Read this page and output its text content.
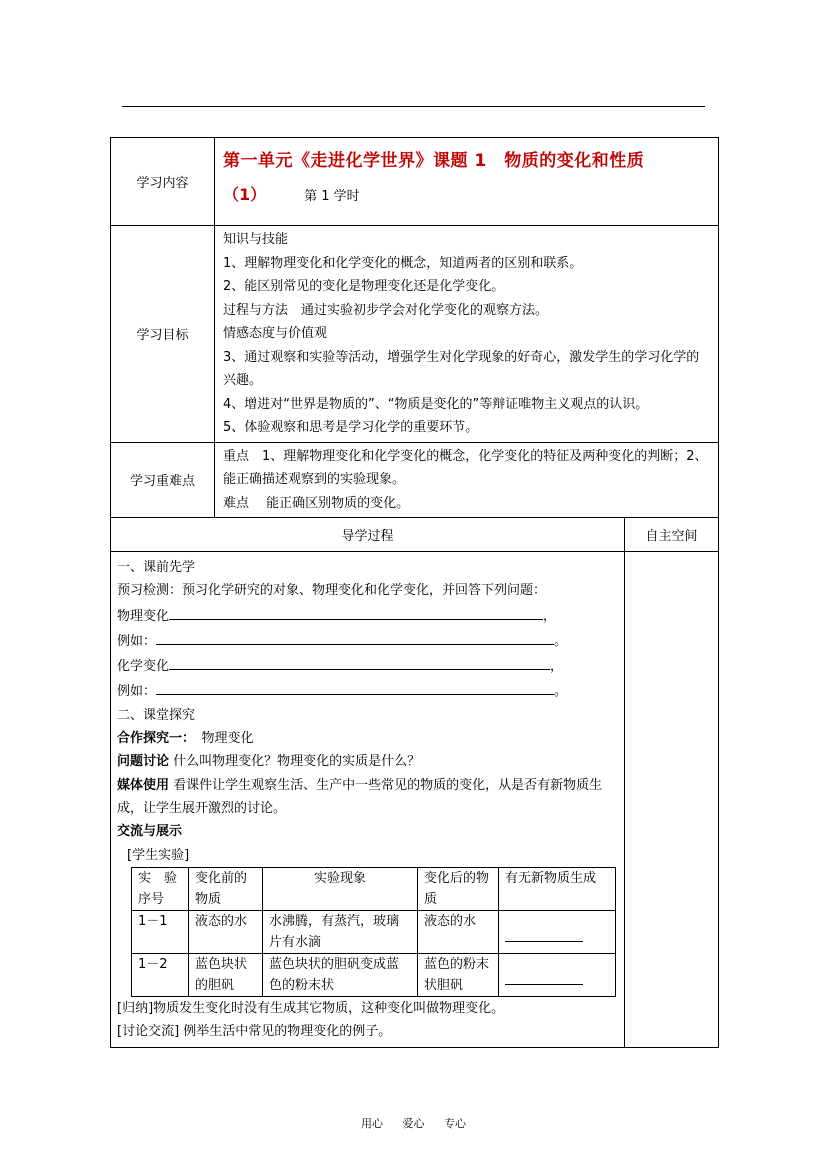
学习内容	
第一单元《走进化学世界》课题 1　物质的变化和性质
（1）	第 1 学时

学习目标	
知识与技能
1、理解物理变化和化学变化的概念，知道两者的区别和联系。
2、能区别常见的变化是物理变化还是化学变化。
过程与方法　通过实验初步学会对化学变化的观察方法。
情感态度与价值观
3、通过观察和实验等活动，增强学生对化学现象的好奇心，激发学生的学习化学的兴趣。
4、增进对“世界是物质的”、“物质是变化的”等辩证唯物主义观点的认识。
5、体验观察和思考是学习化学的重要环节。

学习重难点	
重点　1、理解物理变化和化学变化的概念，化学变化的特征及两种变化的判断；2、能正确描述观察到的实验现象。
难点　 能正确区别物质的变化。

导学过程	自主空间

一、课前先学
预习检测：预习化学研究的对象、物理变化和化学变化，并回答下列问题：
物理变化	，
例如：	。
化学变化	，
例如：	。
二、课堂探究
合作探究一：　物理变化
问题讨论 什么叫物理变化？物理变化的实质是什么？
媒体使用 看课件让学生观察生活、生产中一些常见的物质的变化，从是否有新物质生成，让学生展开激烈的讨论。
交流与展示
[学生实验]
实　验序号	变化前的物质	实验现象	变化后的物质	有无新物质生成
1－1	液态的水	水沸腾，有蒸汽，玻璃片有水滴	液态的水	
1－2	蓝色块状的胆矾	蓝色块状的胆矾变成蓝色的粉末状	蓝色的粉末状胆矾	
[归纳]物质发生变化时没有生成其它物质，这种变化叫做物理变化。
[讨论交流] 例举生活中常见的物理变化的例子。

用心 爱心 专心
